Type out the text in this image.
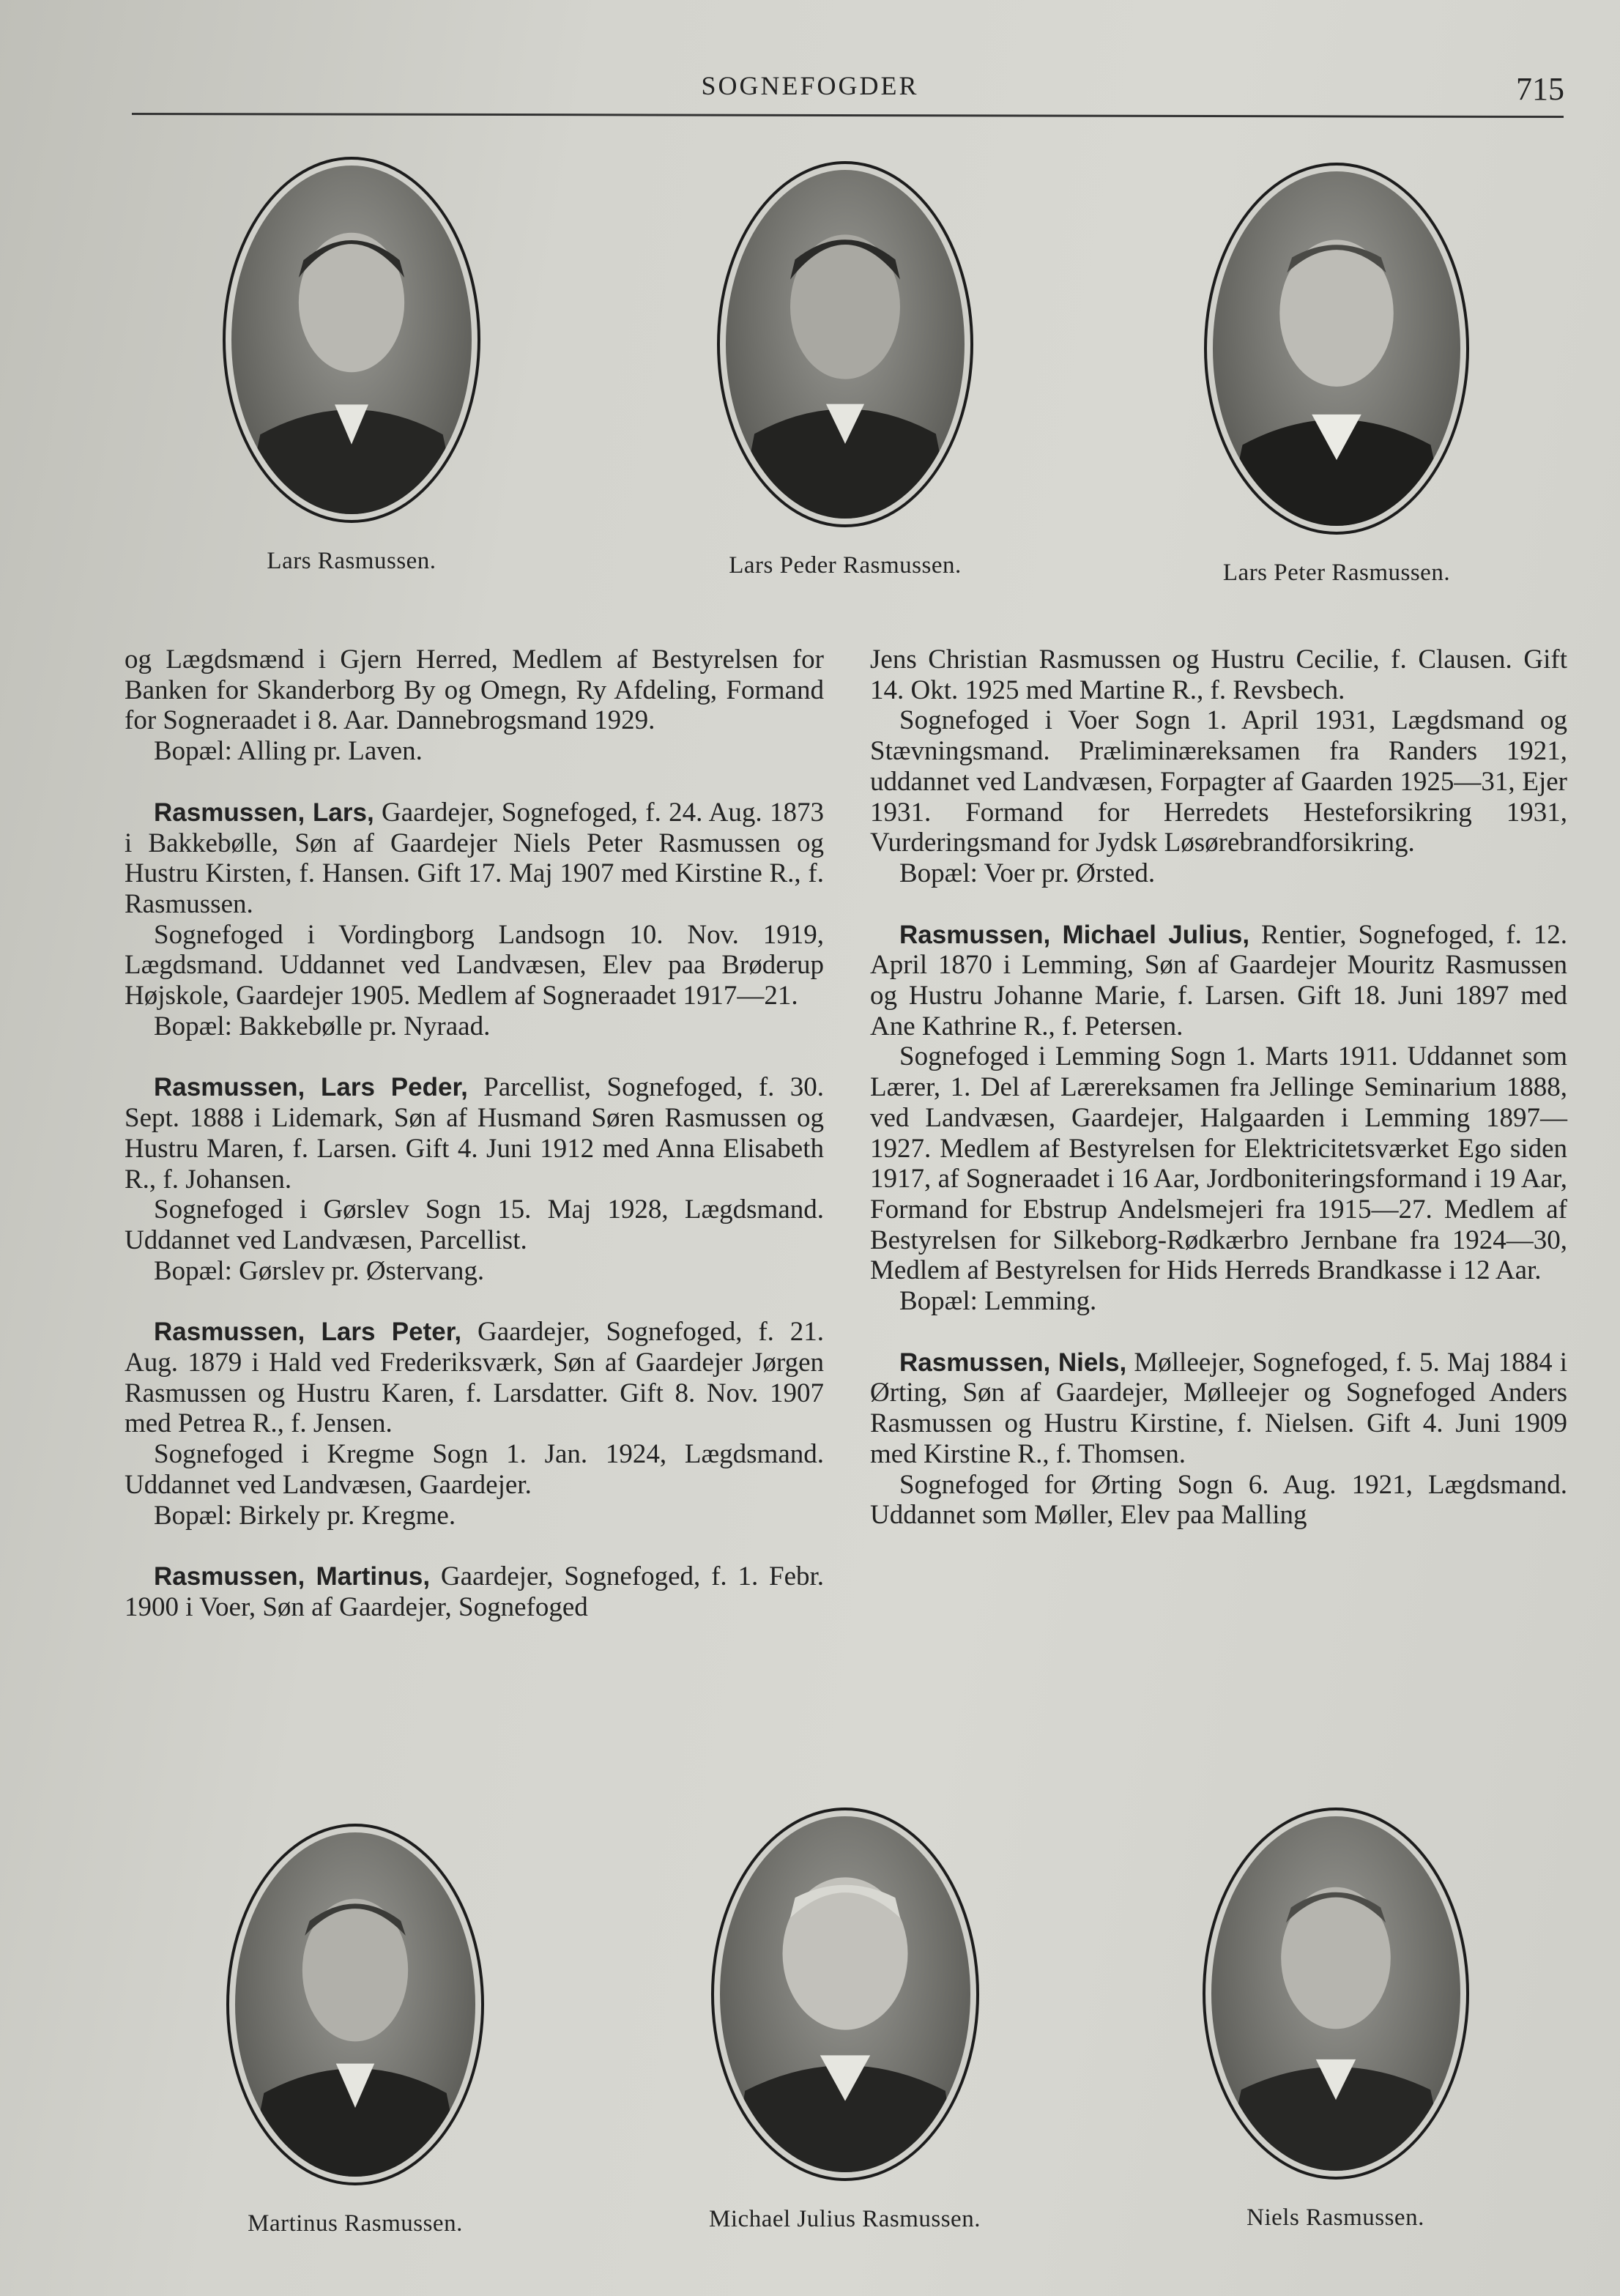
SOGNEFOGDER	715
Lars Rasmussen.	Lars Peder Rasmussen.	Lars Peter Rasmussen.

og Lægdsmænd i Gjern Herred, Medlem af Bestyrelsen for Banken for Skanderborg By og Omegn, Ry Afdeling, Formand for Sogneraadet i 8. Aar. Dannebrogsmand 1929.

Bopæl: Alling pr. Laven.

Rasmussen, Lars, Gaardejer, Sognefoged, f. 24. Aug. 1873 i Bakkebølle, Søn af Gaardejer Niels Peter Rasmussen og Hustru Kirsten, f. Hansen. Gift 17. Maj 1907 med Kirstine R., f. Rasmussen.

Sognefoged i Vordingborg Landsogn 10. Nov. 1919, Lægdsmand. Uddannet ved Landvæsen, Elev paa Brøderup Højskole, Gaardejer 1905. Medlem af Sogneraadet 1917—21.

Bopæl: Bakkebølle pr. Nyraad.

Rasmussen, Lars Peder, Parcellist, Sognefoged, f. 30. Sept. 1888 i Lidemark, Søn af Husmand Søren Rasmussen og Hustru Maren, f. Larsen. Gift 4. Juni 1912 med Anna Elisabeth R., f. Johansen.

Sognefoged i Gørslev Sogn 15. Maj 1928, Lægdsmand. Uddannet ved Landvæsen, Parcellist.

Bopæl: Gørslev pr. Østervang.

Rasmussen, Lars Peter, Gaardejer, Sognefoged, f. 21. Aug. 1879 i Hald ved Frederiksværk, Søn af Gaardejer Jørgen Rasmussen og Hustru Karen, f. Larsdatter. Gift 8. Nov. 1907 med Petrea R., f. Jensen.

Sognefoged i Kregme Sogn 1. Jan. 1924, Lægdsmand. Uddannet ved Landvæsen, Gaardejer.

Bopæl: Birkely pr. Kregme.

Rasmussen, Martinus, Gaardejer, Sognefoged, f. 1. Febr. 1900 i Voer, Søn af Gaardejer, Sognefoged

Jens Christian Rasmussen og Hustru Cecilie, f. Clausen. Gift 14. Okt. 1925 med Martine R., f. Revsbech.

Sognefoged i Voer Sogn 1. April 1931, Lægdsmand og Stævningsmand. Præliminæreksamen fra Randers 1921, uddannet ved Landvæsen, Forpagter af Gaarden 1925—31, Ejer 1931. Formand for Herredets Hesteforsikring 1931, Vurderingsmand for Jydsk Løsørebrandforsikring.

Bopæl: Voer pr. Ørsted.

Rasmussen, Michael Julius, Rentier, Sognefoged, f. 12. April 1870 i Lemming, Søn af Gaardejer Mouritz Rasmussen og Hustru Johanne Marie, f. Larsen. Gift 18. Juni 1897 med Ane Kathrine R., f. Petersen.

Sognefoged i Lemming Sogn 1. Marts 1911. Uddannet som Lærer, 1. Del af Lærereksamen fra Jellinge Seminarium 1888, ved Landvæsen, Gaardejer, Halgaarden i Lemming 1897—1927. Medlem af Bestyrelsen for Elektricitetsværket Ego siden 1917, af Sogneraadet i 16 Aar, Jordboniteringsformand i 19 Aar, Formand for Ebstrup Andelsmejeri fra 1915—27. Medlem af Bestyrelsen for Silkeborg-Rødkærbro Jernbane fra 1924—30, Medlem af Bestyrelsen for Hids Herreds Brandkasse i 12 Aar.

Bopæl: Lemming.

Rasmussen, Niels, Mølleejer, Sognefoged, f. 5. Maj 1884 i Ørting, Søn af Gaardejer, Mølleejer og Sognefoged Anders Rasmussen og Hustru Kirstine, f. Nielsen. Gift 4. Juni 1909 med Kirstine R., f. Thomsen.

Sognefoged for Ørting Sogn 6. Aug. 1921, Lægdsmand. Uddannet som Møller, Elev paa Malling

Martinus Rasmussen.	Michael Julius Rasmussen.	Niels Rasmussen.
